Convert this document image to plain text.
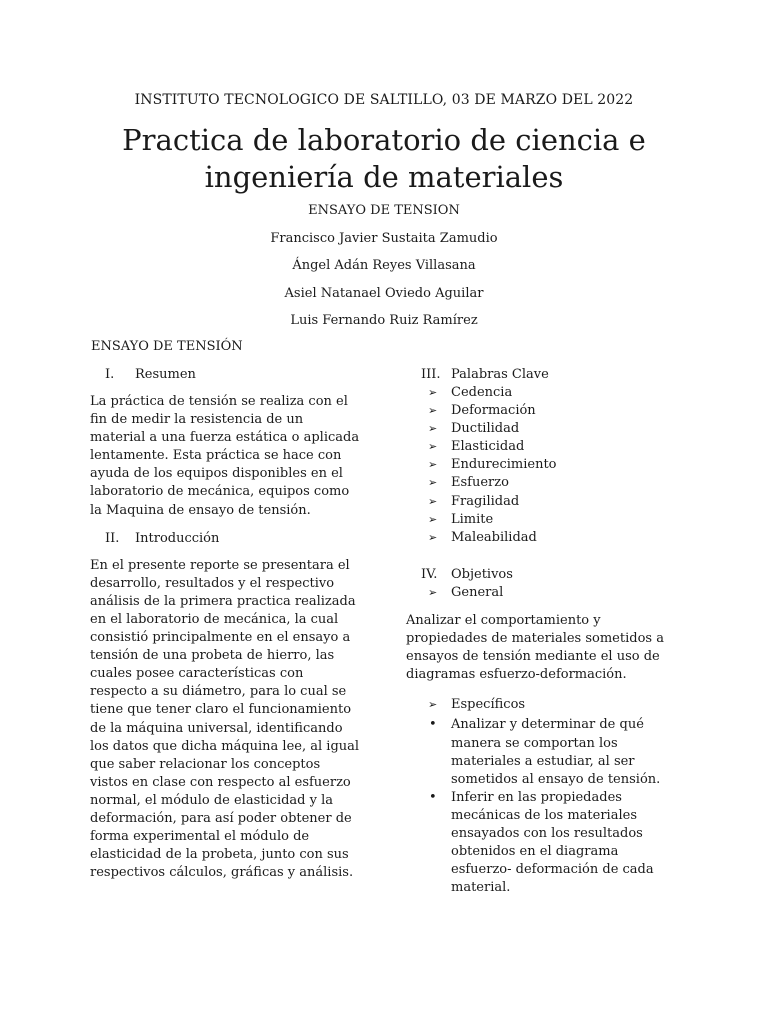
INSTITUTO TECNOLOGICO DE SALTILLO, 03 DE MARZO DEL 2022
Practica de laboratorio de ciencia e ingeniería de materiales
ENSAYO DE TENSION
Francisco Javier Sustaita Zamudio
Ángel Adán Reyes Villasana
Asiel Natanael Oviedo Aguilar
Luis Fernando Ruiz Ramírez
ENSAYO DE TENSIÓN
I.	Resumen

La práctica de tensión se realiza con el fin de medir la resistencia de un material a una fuerza estática o aplicada lentamente. Esta práctica se hace con ayuda de los equipos disponibles en el laboratorio de mecánica, equipos como la Maquina de ensayo de tensión.

II.	Introducción

En el presente reporte se presentara el desarrollo, resultados y el respectivo análisis de la primera practica realizada en el laboratorio de mecánica, la cual consistió principalmente en el ensayo a tensión de una probeta de hierro, las cuales posee características con respecto a su diámetro, para lo cual se tiene que tener claro el funcionamiento de la máquina universal, identificando los datos que dicha máquina lee, al igual que saber relacionar los conceptos vistos en clase con respecto al esfuerzo normal, el módulo de elasticidad y la deformación, para así poder obtener de forma experimental el módulo de elasticidad de la probeta, junto con sus respectivos cálculos, gráficas y análisis.

III. Palabras Clave
➢ Cedencia
➢ Deformación
➢ Ductilidad
➢ Elasticidad
➢ Endurecimiento
➢ Esfuerzo
➢ Fragilidad
➢ Limite
➢ Maleabilidad
IV.	Objetivos
➢ General

Analizar el comportamiento y propiedades de materiales sometidos a ensayos de tensión mediante el uso de diagramas esfuerzo-deformación.

➢ Específicos
• Analizar y determinar de qué manera se comportan los materiales a estudiar, al ser sometidos al ensayo de tensión.
• Inferir en las propiedades mecánicas de los materiales ensayados con los resultados obtenidos en el diagrama esfuerzo- deformación de cada material.
